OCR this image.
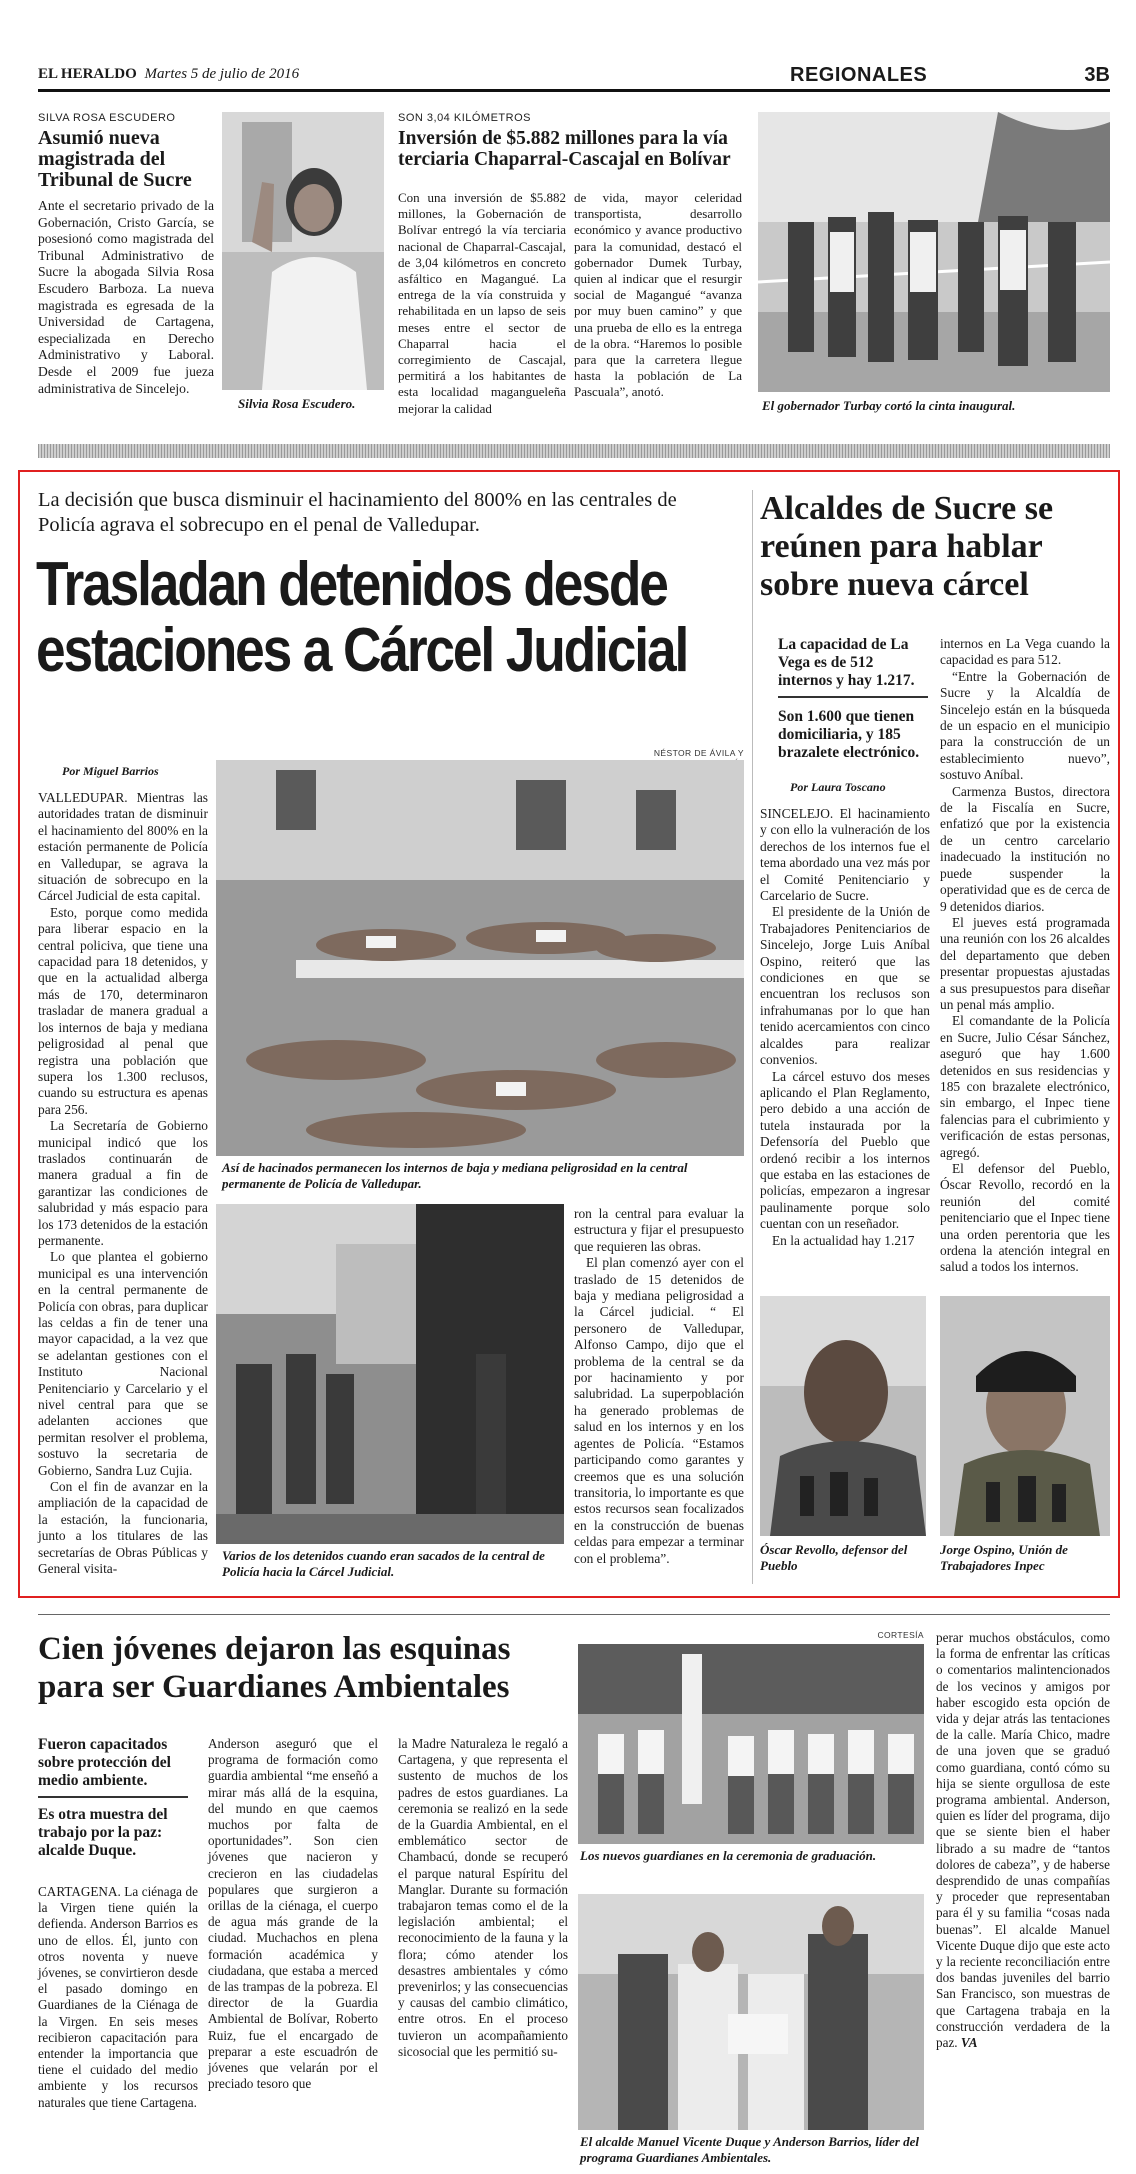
EL HERALDO Martes 5 de julio de 2016	REGIONALES	3B
SILVA ROSA ESCUDERO
Asumió nueva magistrada del Tribunal de Sucre
Ante el secretario privado de la Gobernación, Cristo García, se posesionó como magistrada del Tribunal Administrativo de Sucre la abogada Silvia Rosa Escudero Barboza. La nueva magistrada es egresada de la Universidad de Cartagena, especializada en Derecho Administrativo y Laboral. Desde el 2009 fue jueza administrativa de Sincelejo.
Silvia Rosa Escudero.
SON 3,04 KILÓMETROS
Inversión de $5.882 millones para la vía terciaria Chaparral-Cascajal en Bolívar
Con una inversión de $5.882 millones, la Gobernación de Bolívar entregó la vía terciaria nacional de Chaparral-Cascajal, de 3,04 kilómetros en concreto asfáltico en Magangué. La entrega de la vía construida y rehabilitada en un lapso de seis meses entre el sector de Chaparral hacia el corregimiento de Cascajal, permitirá a los habitantes de esta localidad magangueleña mejorar la calidad
de vida, mayor celeridad transportista, desarrollo económico y avance productivo para la comunidad, destacó el gobernador Dumek Turbay, quien al indicar que el resurgir social de Magangué “avanza por muy buen camino” y que una prueba de ello es la entrega de la obra. “Haremos lo posible para que la carretera llegue hasta la población de La Pascuala”, anotó.
El gobernador Turbay cortó la cinta inaugural.
La decisión que busca disminuir el hacinamiento del 800% en las centrales de Policía agrava el sobrecupo en el penal de Valledupar.
Trasladan detenidos desde
estaciones a Cárcel Judicial
NÉSTOR DE ÁVILA Y
Por Miguel Barrios

VALLEDUPAR. Mientras las autoridades tratan de disminuir el hacinamiento del 800% en la estación permanente de Policía en Valledupar, se agrava la situación de sobrecupo en la Cárcel Judicial de esta capital.

Esto, porque como medida para liberar espacio en la central policiva, que tiene una capacidad para 18 detenidos, y que en la actualidad alberga más de 170, determinaron trasladar de manera gradual a los internos de baja y mediana peligrosidad al penal que registra una población que supera los 1.300 reclusos, cuando su estructura es apenas para 256.

La Secretaría de Gobierno municipal indicó que los traslados continuarán de manera gradual a fin de garantizar las condiciones de salubridad y más espacio para los 173 detenidos de la estación permanente.

Lo que plantea el gobierno municipal es una intervención en la central permanente de Policía con obras, para duplicar las celdas a fin de tener una mayor capacidad, a la vez que se adelantan gestiones con el Instituto Nacional Penitenciario y Carcelario y el nivel central para que se adelanten acciones que permitan resolver el problema, sostuvo la secretaria de Gobierno, Sandra Luz Cujia.

Con el fin de avanzar en la ampliación de la capacidad de la estación, la funcionaria, junto a los titulares de las secretarías de Obras Públicas y General visita-

Así de hacinados permanecen los internos de baja y mediana peligrosidad en la central permanente de Policía de Valledupar.
Varios de los detenidos cuando eran sacados de la central de Policía hacia la Cárcel Judicial.

ron la central para evaluar la estructura y fijar el presupuesto que requieren las obras.

El plan comenzó ayer con el traslado de 15 detenidos de baja y mediana peligrosidad a la Cárcel judicial. “ El personero de Valledupar, Alfonso Campo, dijo que el problema de la central se da por hacinamiento y por salubridad. La superpoblación ha generado problemas de salud en los internos y en los agentes de Policía. “Estamos participando como garantes y creemos que es una solución transitoria, lo importante es que estos recursos sean focalizados en la construcción de buenas celdas para empezar a terminar con el problema”.

Alcaldes de Sucre se reúnen para hablar sobre nueva cárcel
La capacidad de La Vega es de 512 internos y hay 1.217.
Son 1.600 que tienen domiciliaria, y 185 brazalete electrónico.
Por Laura Toscano

SINCELEJO. El hacinamiento y con ello la vulneración de los derechos de los internos fue el tema abordado una vez más por el Comité Penitenciario y Carcelario de Sucre.

El presidente de la Unión de Trabajadores Penitenciarios de Sincelejo, Jorge Luis Aníbal Ospino, reiteró que las condiciones en que se encuentran los reclusos son infrahumanas por lo que han tenido acercamientos con cinco alcaldes para realizar convenios.

La cárcel estuvo dos meses aplicando el Plan Reglamento, pero debido a una acción de tutela instaurada por la Defensoría del Pueblo que ordenó recibir a los internos que estaba en las estaciones de policías, empezaron a ingresar paulinamente porque solo cuentan con un reseñador.

En la actualidad hay 1.217

internos en La Vega cuando la capacidad es para 512.

“Entre la Gobernación de Sucre y la Alcaldía de Sincelejo están en la búsqueda de un espacio en el municipio para la construcción de un establecimiento nuevo”, sostuvo Aníbal.

Carmenza Bustos, directora de la Fiscalía en Sucre, enfatizó que por la existencia de un centro carcelario inadecuado la institución no puede suspender la operatividad que es de cerca de 9 detenidos diarios.

El jueves está programada una reunión con los 26 alcaldes del departamento que deben presentar propuestas ajustadas a sus presupuestos para diseñar un penal más amplio.

El comandante de la Policía en Sucre, Julio César Sánchez, aseguró que hay 1.600 detenidos en sus residencias y 185 con brazalete electrónico, sin embargo, el Inpec tiene falencias para el cubrimiento y verificación de estas personas, agregó.

El defensor del Pueblo, Óscar Revollo, recordó en la reunión del comité penitenciario que el Inpec tiene una orden perentoria que les ordena la atención integral en salud a todos los internos.

Óscar Revollo, defensor del Pueblo
Jorge Ospino, Unión de Trabajadores Inpec
Cien jóvenes dejaron las esquinas para ser Guardianes Ambientales
Fueron capacitados sobre protección del medio ambiente.
Es otra muestra del trabajo por la paz: alcalde Duque.
CARTAGENA. La ciénaga de la Virgen tiene quién la defienda. Anderson Barrios es uno de ellos. Él, junto con otros noventa y nueve jóvenes, se convirtieron desde el pasado domingo en Guardianes de la Ciénaga de la Virgen. En seis meses recibieron capacitación para entender la importancia que tiene el cuidado del medio ambiente y los recursos naturales que tiene Cartagena.
Anderson aseguró que el programa de formación como guardia ambiental “me enseñó a mirar más allá de la esquina, del mundo en que caemos muchos por falta de oportunidades”. Son cien jóvenes que nacieron y crecieron en las ciudadelas populares que surgieron a orillas de la ciénaga, el cuerpo de agua más grande de la ciudad. Muchachos en plena formación académica y ciudadana, que estaba a merced de las trampas de la pobreza. El director de la Guardia Ambiental de Bolívar, Roberto Ruiz, fue el encargado de preparar a este escuadrón de jóvenes que velarán por el preciado tesoro que
la Madre Naturaleza le regaló a Cartagena, y que representa el sustento de muchos de los padres de estos guardianes. La ceremonia se realizó en la sede de la Guardia Ambiental, en el emblemático sector de Chambacú, donde se recuperó el parque natural Espíritu del Manglar. Durante su formación trabajaron temas como el de la legislación ambiental; el reconocimiento de la fauna y la flora; cómo atender los desastres ambientales y cómo prevenirlos; y las consecuencias y causas del cambio climático, entre otros. En el proceso tuvieron un acompañamiento sicosocial que les permitió su-
CORTESÍA
Los nuevos guardianes en la ceremonia de graduación.
El alcalde Manuel Vicente Duque y Anderson Barrios, líder del programa Guardianes Ambientales.
perar muchos obstáculos, como la forma de enfrentar las críticas o comentarios malintencionados de los vecinos y amigos por haber escogido esta opción de vida y dejar atrás las tentaciones de la calle. María Chico, madre de una joven que se graduó como guardiana, contó cómo su hija se siente orgullosa de este programa ambiental. Anderson, quien es líder del programa, dijo que se siente bien el haber librado a su madre de “tantos dolores de cabeza”, y de haberse desprendido de unas compañías y proceder que representaban para él y su familia “cosas nada buenas”. El alcalde Manuel Vicente Duque dijo que este acto y la reciente reconciliación entre dos bandas juveniles del barrio San Francisco, son muestras de que Cartagena trabaja en la construcción verdadera de la paz. VA
